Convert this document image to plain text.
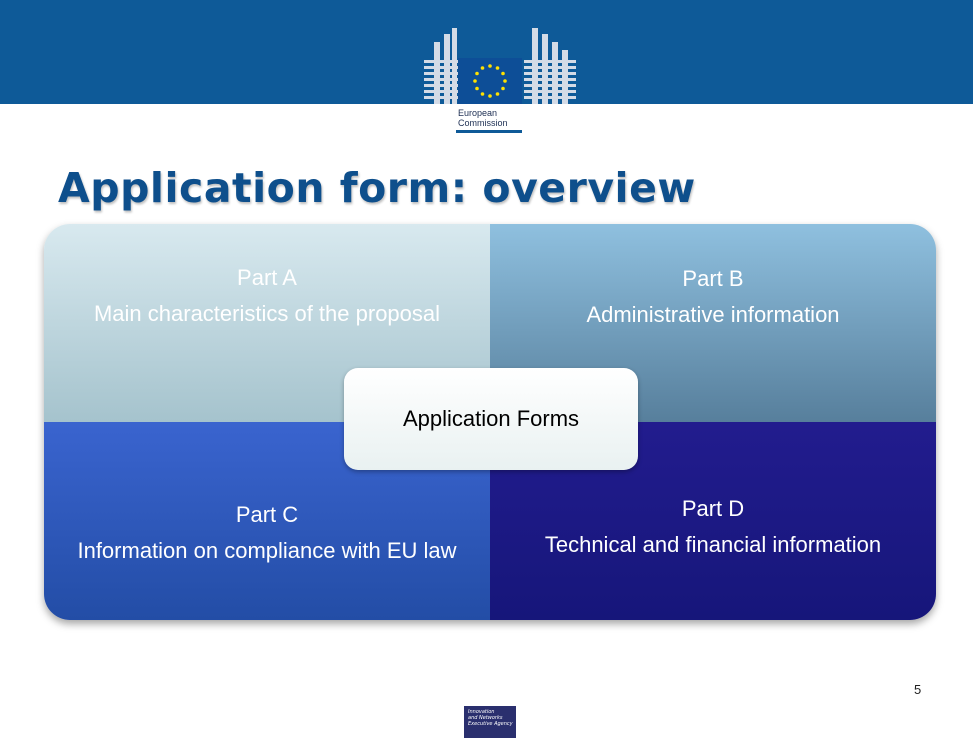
European
Commission
Application form: overview
Part A
Main characteristics of the proposal
Part B
Administrative information
Part C
Information on compliance with EU law
Part D
Technical and financial information
Application Forms
5
Innovation
and Networks
Executive Agency
